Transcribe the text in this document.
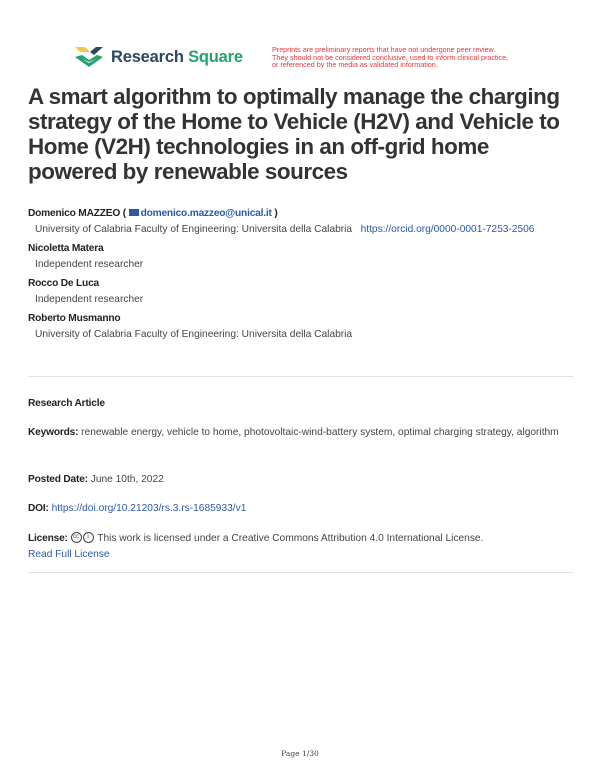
Research Square	Preprints are preliminary reports that have not undergone peer review.
They should not be considered conclusive, used to inform clinical practice,
or referenced by the media as validated information.
A smart algorithm to optimally manage the charging strategy of the Home to Vehicle (H2V) and Vehicle to Home (V2H) technologies in an off-grid home powered by renewable sources
Domenico MAZZEO ( domenico.mazzeo@unical.it )
University of Calabria Faculty of Engineering: Universita della Calabria https://orcid.org/0000-0001-7253-2506
Nicoletta Matera
Independent researcher
Rocco De Luca
Independent researcher
Roberto Musmanno
University of Calabria Faculty of Engineering: Universita della Calabria
Research Article
Keywords: renewable energy, vehicle to home, photovoltaic-wind-battery system, optimal charging strategy, algorithm
Posted Date: June 10th, 2022
DOI: https://doi.org/10.21203/rs.3.rs-1685933/v1
License: cc i This work is licensed under a Creative Commons Attribution 4.0 International License.
Read Full License
Page 1/30
